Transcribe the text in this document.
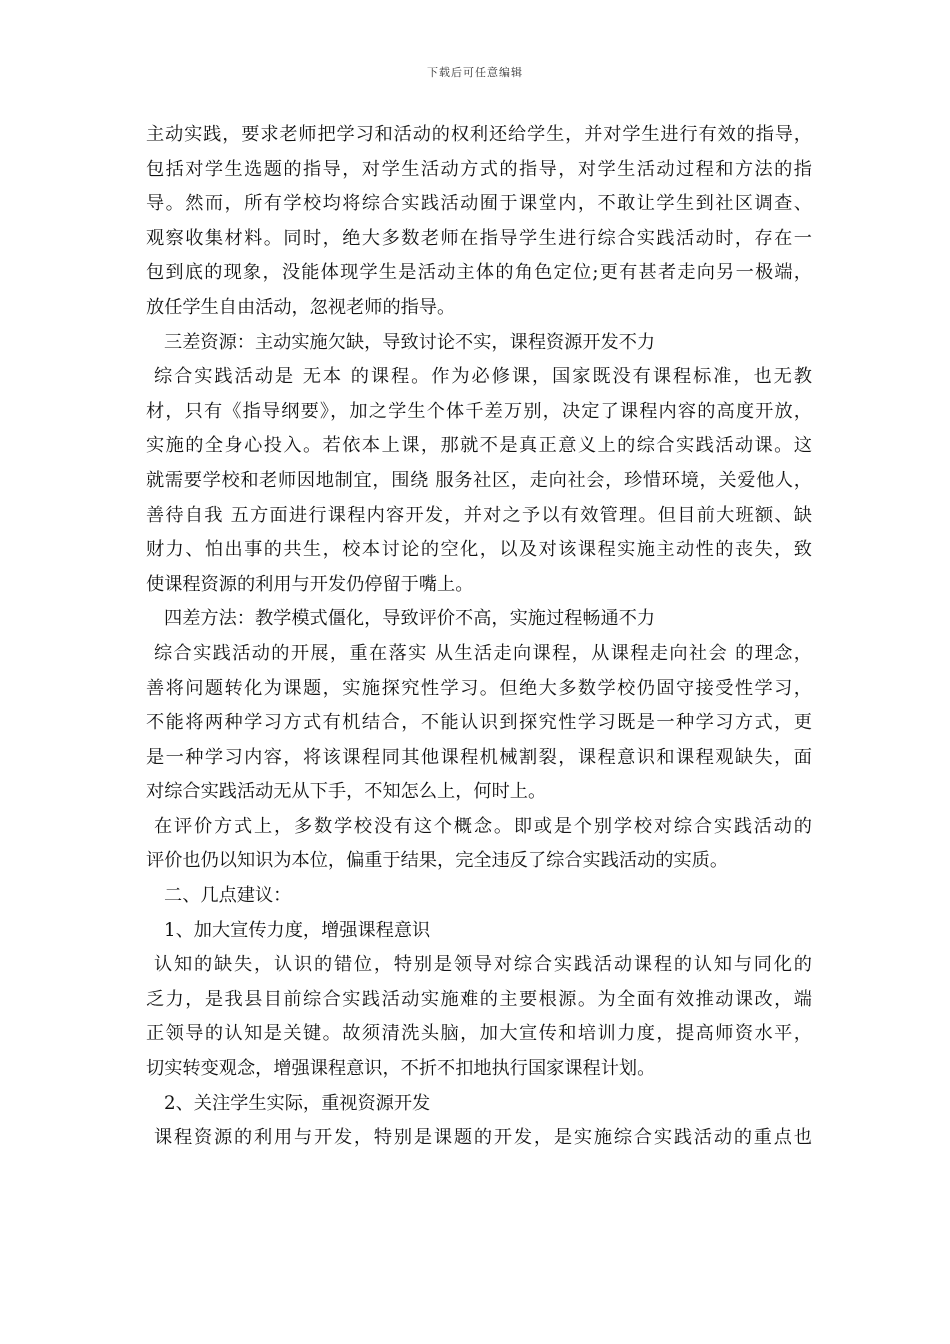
下载后可任意编辑
主动实践，要求老师把学习和活动的权利还给学生，并对学生进行有效的指导，
包括对学生选题的指导，对学生活动方式的指导，对学生活动过程和方法的指
导。然而，所有学校均将综合实践活动囿于课堂内，不敢让学生到社区调查、
观察收集材料。同时，绝大多数老师在指导学生进行综合实践活动时，存在一
包到底的现象，没能体现学生是活动主体的角色定位;更有甚者走向另一极端，
放任学生自由活动，忽视老师的指导。
三差资源：主动实施欠缺，导致讨论不实，课程资源开发不力
综合实践活动是 无本 的课程。作为必修课，国家既没有课程标准，也无教
材，只有《指导纲要》，加之学生个体千差万别，决定了课程内容的高度开放，
实施的全身心投入。若依本上课，那就不是真正意义上的综合实践活动课。这
就需要学校和老师因地制宜，围绕 服务社区，走向社会，珍惜环境，关爱他人，
善待自我 五方面进行课程内容开发，并对之予以有效管理。但目前大班额、缺
财力、怕出事的共生，校本讨论的空化，以及对该课程实施主动性的丧失，致
使课程资源的利用与开发仍停留于嘴上。
四差方法：教学模式僵化，导致评价不高，实施过程畅通不力
综合实践活动的开展，重在落实 从生活走向课程，从课程走向社会 的理念，
善将问题转化为课题，实施探究性学习。但绝大多数学校仍固守接受性学习，
不能将两种学习方式有机结合，不能认识到探究性学习既是一种学习方式，更
是一种学习内容，将该课程同其他课程机械割裂，课程意识和课程观缺失，面
对综合实践活动无从下手，不知怎么上，何时上。
在评价方式上，多数学校没有这个概念。即或是个别学校对综合实践活动的
评价也仍以知识为本位，偏重于结果，完全违反了综合实践活动的实质。
二、几点建议：
1、加大宣传力度，增强课程意识
认知的缺失，认识的错位，特别是领导对综合实践活动课程的认知与同化的
乏力，是我县目前综合实践活动实施难的主要根源。为全面有效推动课改，端
正领导的认知是关键。故须清洗头脑，加大宣传和培训力度，提高师资水平，
切实转变观念，增强课程意识，不折不扣地执行国家课程计划。
2、关注学生实际，重视资源开发
课程资源的利用与开发，特别是课题的开发，是实施综合实践活动的重点也
